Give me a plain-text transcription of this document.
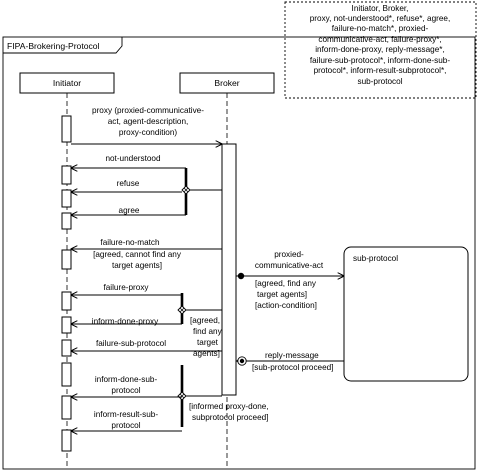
FIPA-Brokering-Protocol
Initiator, Broker,
proxy, not-understood*, refuse*, agree,
failure-no-match*, proxied-
communicative-act, failure-proxy*,
inform-done-proxy, reply-message*,
failure-sub-protocol*, inform-done-sub-
protocol*, inform-result-subprotocol*,
sub-protocol
Initiator	Broker
sub-protocol
proxy (proxied-communicative-
act, agent-description,
proxy-condition)
not-understood
refuse
agree
failure-no-match
[agreed, cannot find any
target agents]
proxied-
communicative-act
[agreed, find any
target agents]
[action-condition]
failure-proxy
inform-done-proxy	[agreed,
find any
target
agents]
failure-sub-protocol
reply-message
[sub-protocol proceed]
inform-done-sub-
protocol
inform-result-sub-
protocol
[informed proxy-done,
subprotocol proceed]
